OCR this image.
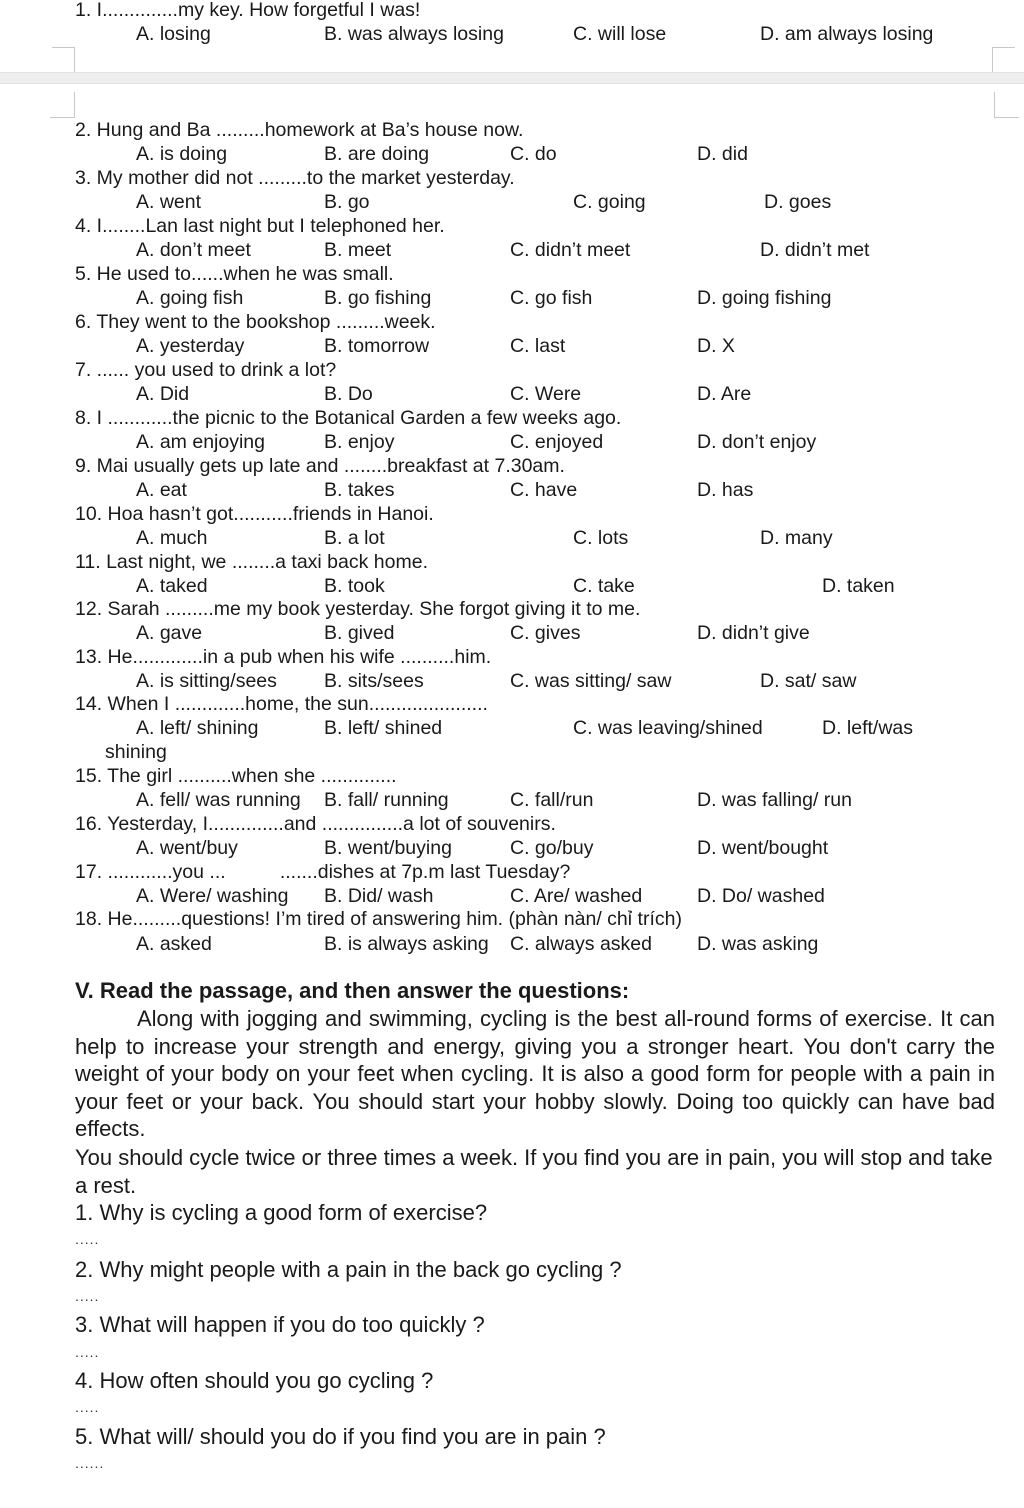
1. I..............my key. How forgetful I was!
A. losing	B. was always losing	C. will lose	D. am always losing
2. Hung and Ba .........homework at Ba’s house now.
A. is doing	B. are doing	C. do	D. did
3. My mother did not .........to the market yesterday.
A. went	B. go	C. going	D. goes
4. I........Lan last night but I telephoned her.
A. don’t meet	B. meet	C. didn’t meet	D. didn’t met
5. He used to......when he was small.
A. going fish	B. go fishing	C. go fish	D. going fishing
6. They went to the bookshop .........week.
A. yesterday	B. tomorrow	C. last	D. X
7. ...... you used to drink a lot?
A. Did	B. Do	C. Were	D. Are
8. I ............the picnic to the Botanical Garden a few weeks ago.
A. am enjoying	B. enjoy	C. enjoyed	D. don’t enjoy
9. Mai usually gets up late and ........breakfast at 7.30am.
A. eat	B. takes	C. have	D. has
10. Hoa hasn’t got...........friends in Hanoi.
A. much	B. a lot	C. lots	D. many
11. Last night, we ........a taxi back home.
A. taked	B. took	C. take	D. taken
12. Sarah .........me my book yesterday. She forgot giving it to me.
A. gave	B. gived	C. gives	D. didn’t give
13. He.............in a pub when his wife ..........him.
A. is sitting/sees B. sits/sees	C. was sitting/ saw	D. sat/ saw
14. When I .............home, the sun......................
A. left/ shining	B. left/ shined	C. was leaving/shined	D. left/was
shining
15. The girl ..........when she ..............
A. fell/ was running B. fall/ running	C. fall/run	D. was falling/ run
16. Yesterday, I..............and ...............a lot of souvenirs.
A. went/buy	B. went/buying	C. go/buy	D. went/bought
17. ............you ...          .......dishes at 7p.m last Tuesday?
A. Were/ washing B. Did/ wash	C. Are/ washed	D. Do/ washed
18. He.........questions! I’m tired of answering him. (phàn nàn/ chỉ trích)
A. asked	B. is always asking C. always asked D. was asking
V. Read the passage, and then answer the questions:

Along with jogging and swimming, cycling is the best all-round forms of exercise. It can help to increase your strength and energy, giving you a stronger heart. You don't carry the weight of your body on your feet when cycling. It is also a good form for people with a pain in your feet or your back. You should start your hobby slowly. Doing too quickly can have bad effects.

You should cycle twice or three times a week. If you find you are in pain, you will stop and take a rest.

1. Why is cycling a good form of exercise?
.....
2. Why might people with a pain in the back go cycling ?
.....
3. What will happen if you do too quickly ?
.....
4. How often should you go cycling ?
.....
5. What will/ should you do if you find you are in pain ?
......
